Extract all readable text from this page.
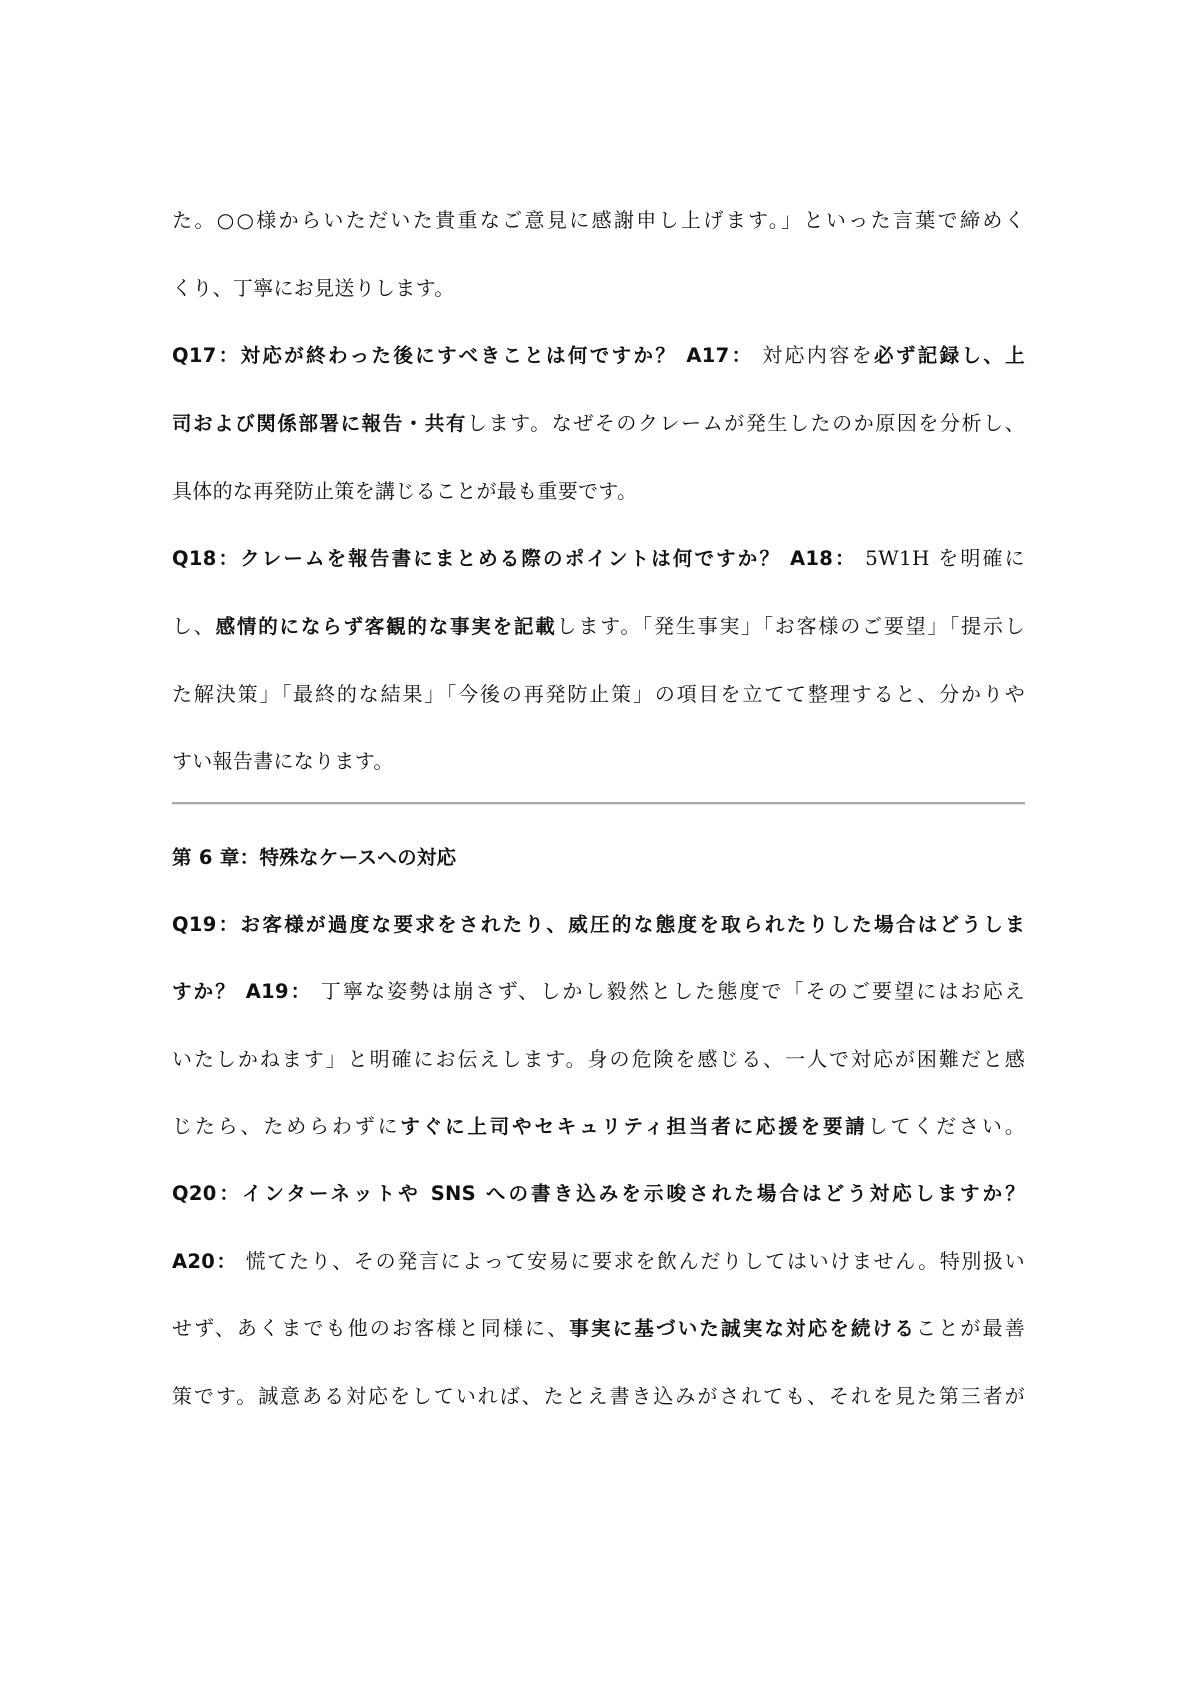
た。○○様からいただいた貴重なご意見に感謝申し上げます。」といった言葉で締めく
くり、丁寧にお見送りします。
Q17：対応が終わった後にすべきことは何ですか？ A17： 対応内容を必ず記録し、上
司および関係部署に報告・共有します。なぜそのクレームが発生したのか原因を分析し、
具体的な再発防止策を講じることが最も重要です。
Q18：クレームを報告書にまとめる際のポイントは何ですか？ A18： 5W1H を明確に
し、感情的にならず客観的な事実を記載します。「発生事実」「お客様のご要望」「提示し
た解決策」「最終的な結果」「今後の再発防止策」の項目を立てて整理すると、分かりや
すい報告書になります。
第 6 章：特殊なケースへの対応
Q19：お客様が過度な要求をされたり、威圧的な態度を取られたりした場合はどうしま
すか？ A19： 丁寧な姿勢は崩さず、しかし毅然とした態度で「そのご要望にはお応え
いたしかねます」と明確にお伝えします。身の危険を感じる、一人で対応が困難だと感
じたら、ためらわずにすぐに上司やセキュリティ担当者に応援を要請してください。
Q20：インターネットや SNS への書き込みを示唆された場合はどう対応しますか？
A20： 慌てたり、その発言によって安易に要求を飲んだりしてはいけません。特別扱い
せず、あくまでも他のお客様と同様に、事実に基づいた誠実な対応を続けることが最善
策です。誠意ある対応をしていれば、たとえ書き込みがされても、それを見た第三者が
